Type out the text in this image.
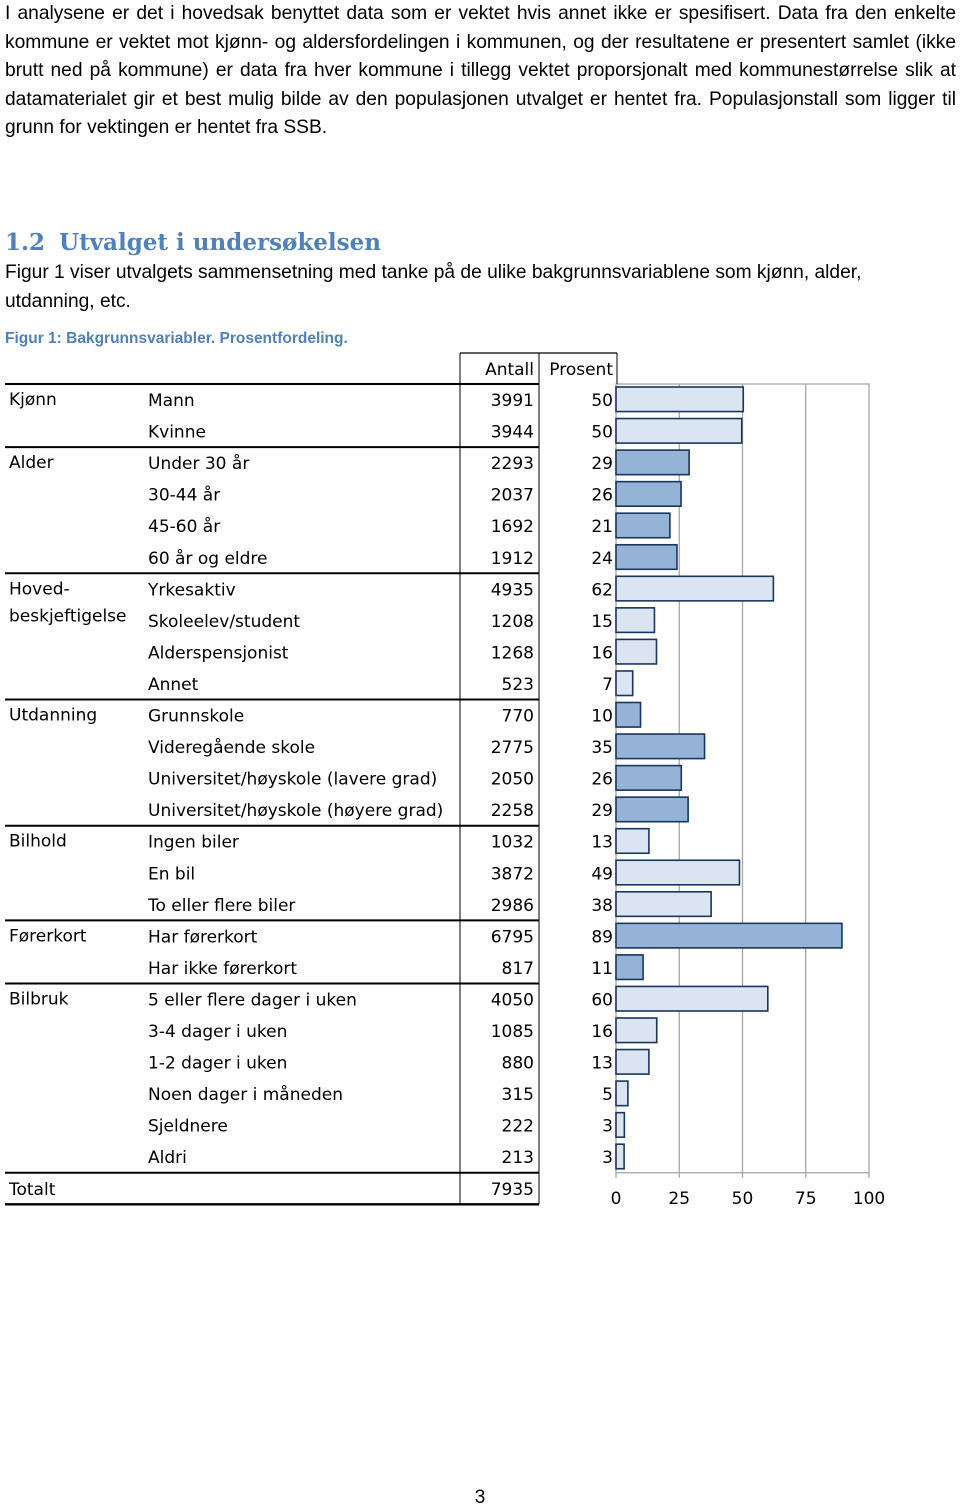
I analysene er det i hovedsak benyttet data som er vektet hvis annet ikke er spesifisert. Data fra den enkelte kommune er vektet mot kjønn- og aldersfordelingen i kommunen, og der resultatene er presentert samlet (ikke brutt ned på kommune) er data fra hver kommune i tillegg vektet proporsjonalt med kommunestørrelse slik at datamaterialet gir et best mulig bilde av den populasjonen utvalget er hentet fra. Populasjonstall som ligger til grunn for vektingen er hentet fra SSB.

1.2 Utvalget i undersøkelsen

Figur 1 viser utvalgets sammensetning med tanke på de ulike bakgrunnsvariablene som kjønn, alder, utdanning, etc.

Figur 1: Bakgrunnsvariabler. Prosentfordeling.

0	25 50 75 100
Antall Prosent
Kjønn	Mann	3991	50
Kvinne	3944	50
Alder	Under 30 år	2293	29
30-44 år	2037	26
45-60 år	1692	21
60 år og eldre	1912	24
Hoved-
beskjeftigelse
Yrkesaktiv	4935	62
Skoleelev/student	1208	15
Alderspensjonist	1268	16
Annet	523	7
Utdanning	Grunnskole	770	10
Videregående skole	2775	35
Universitet/høyskole (lavere grad)	2050	26
Universitet/høyskole (høyere grad)	2258	29
Bilhold	Ingen biler	1032	13
En bil	3872	49
To eller flere biler	2986	38
Førerkort	Har førerkort	6795	89
Har ikke førerkort	817	11
Bilbruk	5 eller flere dager i uken	4050	60
3-4 dager i uken	1085	16
1-2 dager i uken	880	13
Noen dager i måneden	315	5
Sjeldnere	222	3
Aldri	213	3
Totalt	7935
3
